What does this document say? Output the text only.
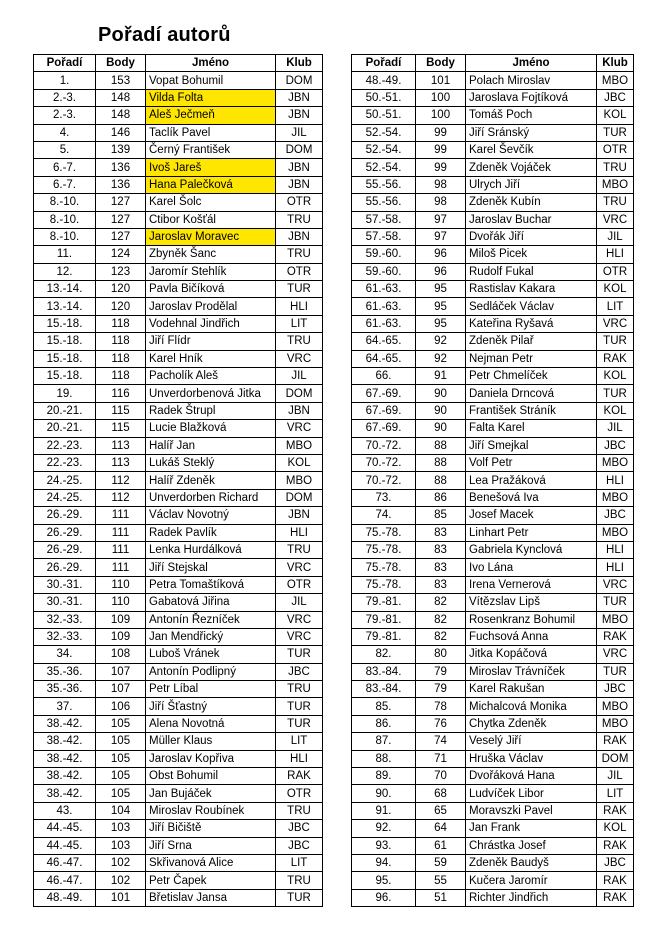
Pořadí autorů
Pořadí	Body	Jméno	Klub
1.	153	Vopat Bohumil	DOM
2.-3.	148	Vilda Folta	JBN
2.-3.	148	Aleš Ječmeň	JBN
4.	146	Taclík Pavel	JIL
5.	139	Černý František	DOM
6.-7.	136	Ivoš Jareš	JBN
6.-7.	136	Hana Palečková	JBN
8.-10.	127	Karel Šolc	OTR
8.-10.	127	Ctibor Košťál	TRU
8.-10.	127	Jaroslav Moravec	JBN
11.	124	Zbyněk Šanc	TRU
12.	123	Jaromír Stehlík	OTR
13.-14.	120	Pavla Bičíková	TUR
13.-14.	120	Jaroslav Prodělal	HLI
15.-18.	118	Vodehnal Jindřich	LIT
15.-18.	118	Jiří Flídr	TRU
15.-18.	118	Karel Hník	VRC
15.-18.	118	Pacholík Aleš	JIL
19.	116	Unverdorbenová Jitka	DOM
20.-21.	115	Radek Štrupl	JBN
20.-21.	115	Lucie Blažková	VRC
22.-23.	113	Halíř Jan	MBO
22.-23.	113	Lukáš Steklý	KOL
24.-25.	112	Halíř Zdeněk	MBO
24.-25.	112	Unverdorben Richard	DOM
26.-29.	111	Václav Novotný	JBN
26.-29.	111	Radek Pavlík	HLI
26.-29.	111	Lenka Hurdálková	TRU
26.-29.	111	Jiří Stejskal	VRC
30.-31.	110	Petra Tomaštíková	OTR
30.-31.	110	Gabatová Jiřina	JIL
32.-33.	109	Antonín Řezníček	VRC
32.-33.	109	Jan Mendřický	VRC
34.	108	Luboš Vránek	TUR
35.-36.	107	Antonín Podlipný	JBC
35.-36.	107	Petr Líbal	TRU
37.	106	Jiří Šťastný	TUR
38.-42.	105	Alena Novotná	TUR
38.-42.	105	Müller Klaus	LIT
38.-42.	105	Jaroslav Kopřiva	HLI
38.-42.	105	Obst Bohumil	RAK
38.-42.	105	Jan Bujáček	OTR
43.	104	Miroslav Roubínek	TRU
44.-45.	103	Jiří Bičiště	JBC
44.-45.	103	Jiří Srna	JBC
46.-47.	102	Skřivanová Alice	LIT
46.-47.	102	Petr Čapek	TRU
48.-49.	101	Břetislav Jansa	TUR
Pořadí	Body	Jméno	Klub
48.-49.	101	Polach Miroslav	MBO
50.-51.	100	Jaroslava Fojtíková	JBC
50.-51.	100	Tomáš Poch	KOL
52.-54.	99	Jiří Sránský	TUR
52.-54.	99	Karel Ševčík	OTR
52.-54.	99	Zdeněk Vojáček	TRU
55.-56.	98	Ulrych Jiří	MBO
55.-56.	98	Zdeněk Kubín	TRU
57.-58.	97	Jaroslav Buchar	VRC
57.-58.	97	Dvořák Jiří	JIL
59.-60.	96	Miloš Picek	HLI
59.-60.	96	Rudolf Fukal	OTR
61.-63.	95	Rastislav Kakara	KOL
61.-63.	95	Sedláček Václav	LIT
61.-63.	95	Kateřina Ryšavá	VRC
64.-65.	92	Zdeněk Pilař	TUR
64.-65.	92	Nejman Petr	RAK
66.	91	Petr Chmelíček	KOL
67.-69.	90	Daniela Drncová	TUR
67.-69.	90	František Stráník	KOL
67.-69.	90	Falta Karel	JIL
70.-72.	88	Jiří Smejkal	JBC
70.-72.	88	Volf Petr	MBO
70.-72.	88	Lea Pražáková	HLI
73.	86	Benešová Iva	MBO
74.	85	Josef Macek	JBC
75.-78.	83	Linhart Petr	MBO
75.-78.	83	Gabriela Kynclová	HLI
75.-78.	83	Ivo Lána	HLI
75.-78.	83	Irena Vernerová	VRC
79.-81.	82	Vítězslav Lipš	TUR
79.-81.	82	Rosenkranz Bohumil	MBO
79.-81.	82	Fuchsová Anna	RAK
82.	80	Jitka Kopáčová	VRC
83.-84.	79	Miroslav Trávníček	TUR
83.-84.	79	Karel Rakušan	JBC
85.	78	Michalcová Monika	MBO
86.	76	Chytka Zdeněk	MBO
87.	74	Veselý Jiří	RAK
88.	71	Hruška Václav	DOM
89.	70	Dvořáková Hana	JIL
90.	68	Ludvíček Libor	LIT
91.	65	Moravszki Pavel	RAK
92.	64	Jan Frank	KOL
93.	61	Chrástka Josef	RAK
94.	59	Zdeněk Baudyš	JBC
95.	55	Kučera Jaromír	RAK
96.	51	Richter Jindřich	RAK
